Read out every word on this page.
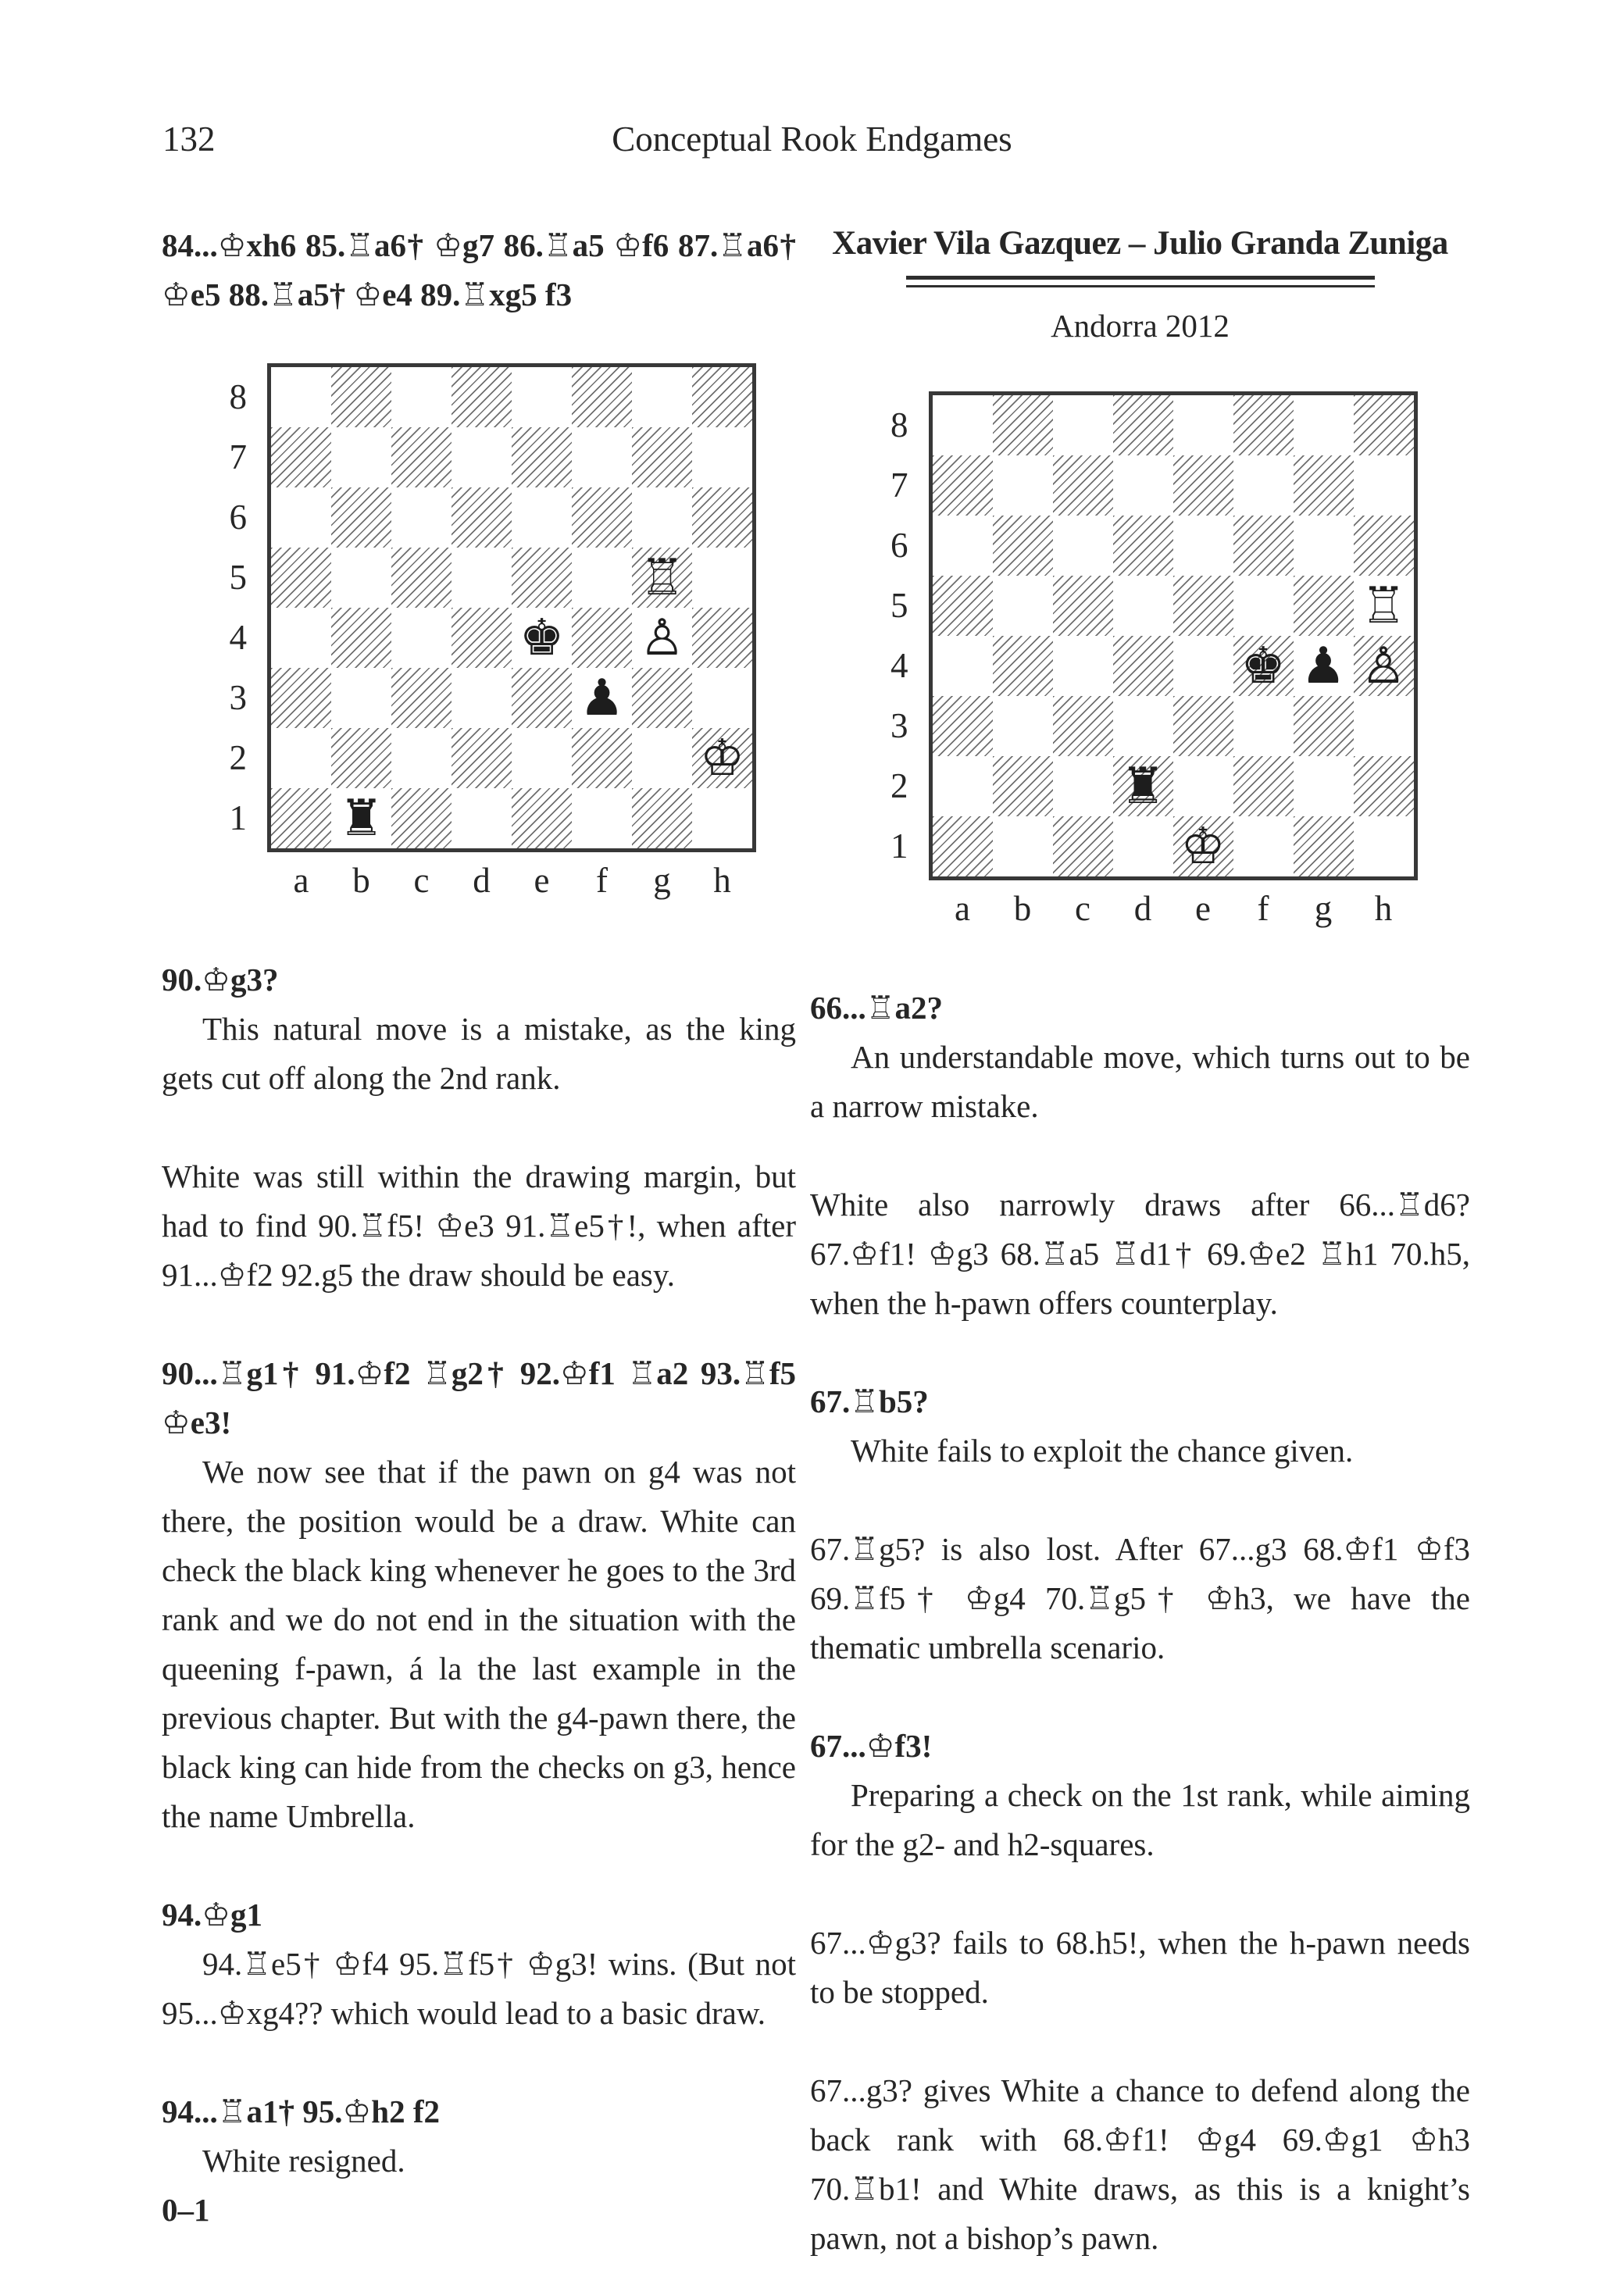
132	Conceptual Rook Endgames
84...♔xh6 85.♖a6† ♔g7 86.♖a5 ♔f6 87.♖a6† ♔e5 88.♖a5† ♔e4 89.♖xg5 f3
8
7
6
5
4
3
2
1
♖
♚ ♙
♟
♔
♜
a	b	c	d	e	f	g	h
90.♔g3?

This natural move is a mistake, as the king gets cut off along the 2nd rank.

White was still within the drawing margin, but had to find 90.♖f5! ♔e3 91.♖e5†!, when after 91...♔f2 92.g5 the draw should be easy.

90...♖g1† 91.♔f2 ♖g2† 92.♔f1 ♖a2 93.♖f5 ♔e3!

We now see that if the pawn on g4 was not there, the position would be a draw. White can check the black king whenever he goes to the 3rd rank and we do not end in the situation with the queening f-pawn, á la the last example in the previous chapter. But with the g4-pawn there, the black king can hide from the checks on g3, hence the name Umbrella.

94.♔g1

94.♖e5† ♔f4 95.♖f5† ♔g3! wins. (But not 95...♔xg4?? which would lead to a basic draw.

94...♖a1† 95.♔h2 f2

White resigned.

0–1
Xavier Vila Gazquez – Julio Granda Zuniga
Andorra 2012
8
7
6
5
4
3
2
1
♖
♚ ♟ ♙
♜
♔
a	b	c	d	e	f	g	h
66...♖a2?

An understandable move, which turns out to be a narrow mistake.

White also narrowly draws after 66...♖d6? 67.♔f1! ♔g3 68.♖a5 ♖d1† 69.♔e2 ♖h1 70.h5, when the h-pawn offers counterplay.

67.♖b5?

White fails to exploit the chance given.

67.♖g5? is also lost. After 67...g3 68.♔f1 ♔f3 69.♖f5† ♔g4 70.♖g5† ♔h3, we have the thematic umbrella scenario.

67...♔f3!

Preparing a check on the 1st rank, while aiming for the g2- and h2-squares.

67...♔g3? fails to 68.h5!, when the h-pawn needs to be stopped.

67...g3? gives White a chance to defend along the back rank with 68.♔f1! ♔g4 69.♔g1 ♔h3 70.♖b1! and White draws, as this is a knight’s pawn, not a bishop’s pawn.
